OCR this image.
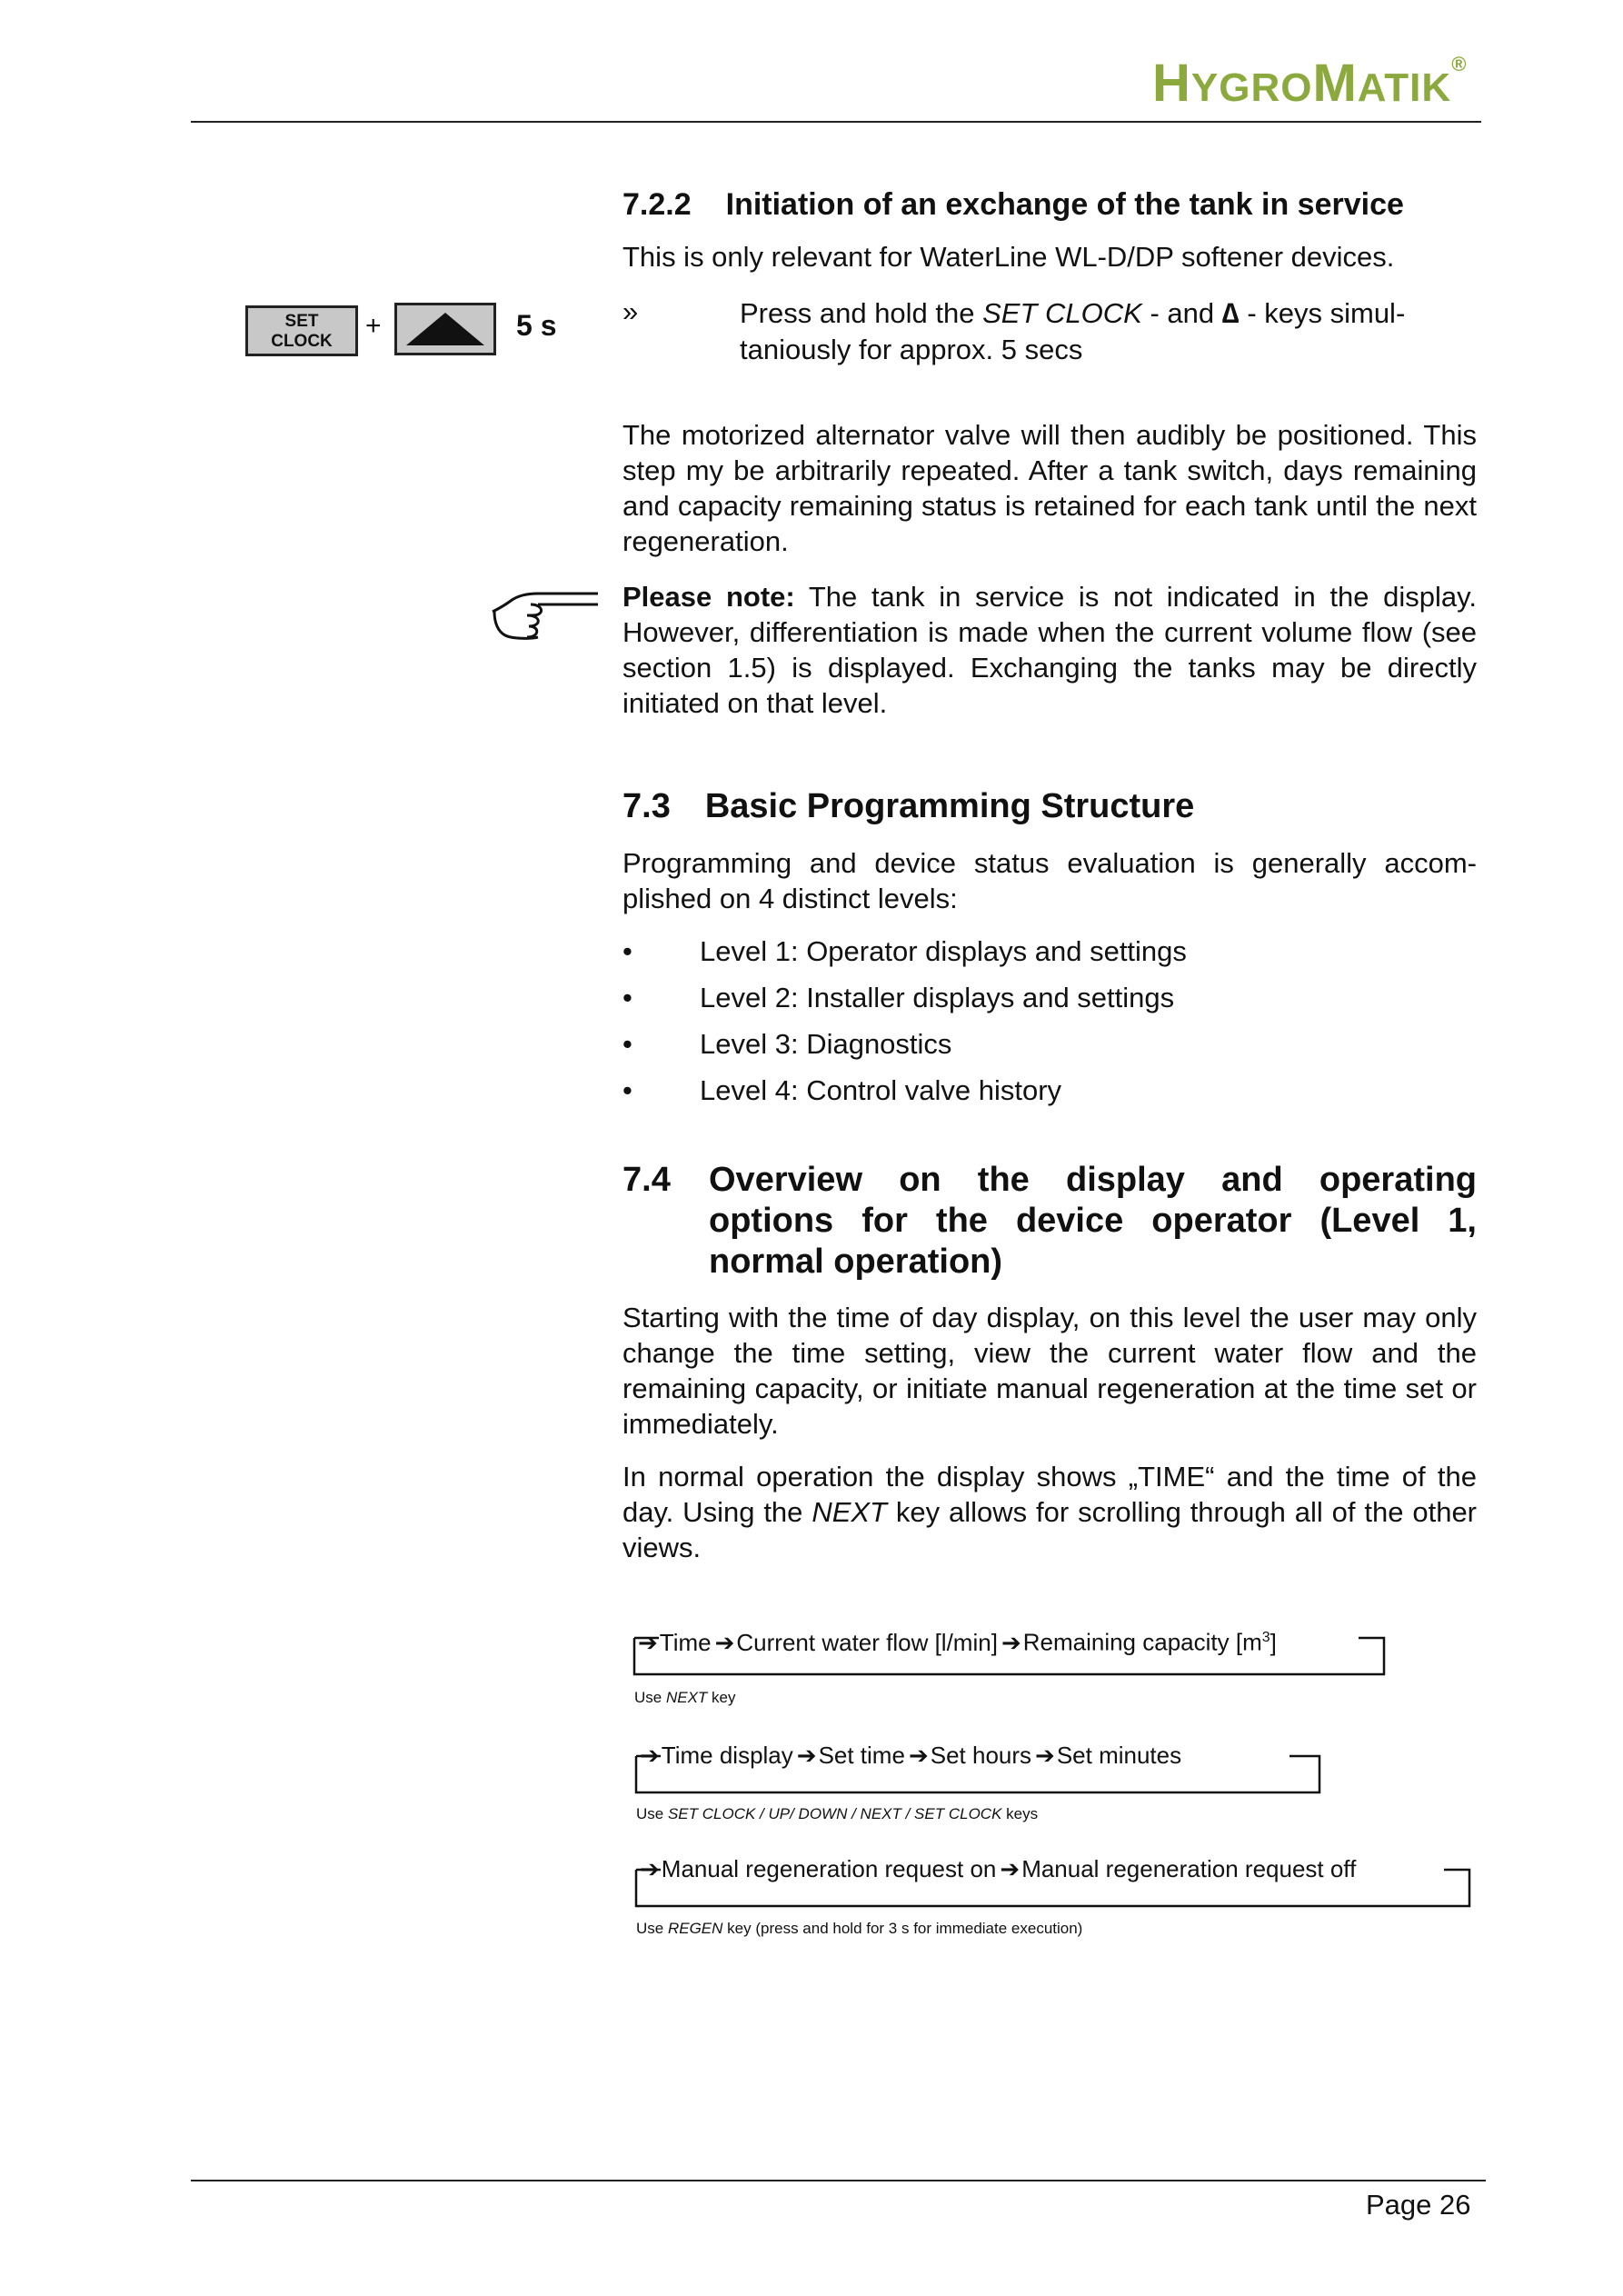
HYGROMATIK®
7.2.2 Initiation of an exchange of the tank in service
This is only relevant for WaterLine WL-D/DP softener devices.
SET
CLOCK
+	5 s »	Press and hold the SET CLOCK - and ∆ - keys simul-
taniously for approx. 5 secs
The motorized alternator valve will then audibly be positioned. This step my be arbitrarily repeated. After a tank switch, days remaining and capacity remaining status is retained for each tank until the next regeneration.
Please note: The tank in service is not indicated in the display. However, differentiation is made when the current volume flow (see section 1.5) is displayed. Exchanging the tanks may be directly initiated on that level.
7.3 Basic Programming Structure
Programming and device status evaluation is generally accom-plished on 4 distinct levels:
• Level 1: Operator displays and settings
• Level 2: Installer displays and settings
• Level 3: Diagnostics
• Level 4: Control valve history
7.4 Overview on the display and operating
options for the device operator (Level 1,
normal operation)
Starting with the time of day display, on this level the user may only change the time setting, view the current water flow and the remaining capacity, or initiate manual regeneration at the time set or immediately.
In normal operation the display shows „TIME“ and the time of the day. Using the NEXT key allows for scrolling through all of the other views.
➔Time ➔Current water flow [l/min] ➔Remaining capacity $[m^3]$
Use NEXT key
➔Time display ➔Set time ➔Set hours ➔Set minutes
Use SET CLOCK / UP/ DOWN / NEXT / SET CLOCK keys
➔Manual regeneration request on ➔Manual regeneration request off
Use REGEN key (press and hold for 3 s for immediate execution)
Page 26
